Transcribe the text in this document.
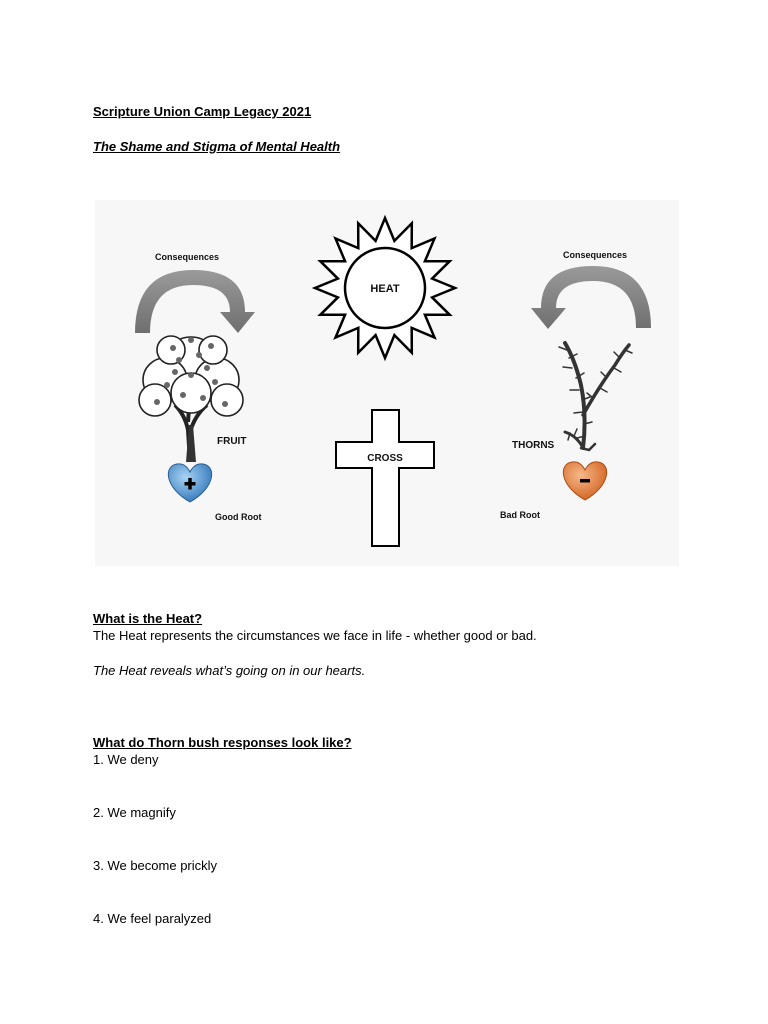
Scripture Union Camp Legacy 2021
The Shame and Stigma of Mental Health
Consequences
HEAT
Consequences
FRUIT
Good Root
CROSS
THORNS
Bad Root
What is the Heat?
The Heat represents the circumstances we face in life - whether good or bad.
The Heat reveals what’s going on in our hearts.
What do Thorn bush responses look like?
1. We deny
2. We magnify
3. We become prickly
4. We feel paralyzed
